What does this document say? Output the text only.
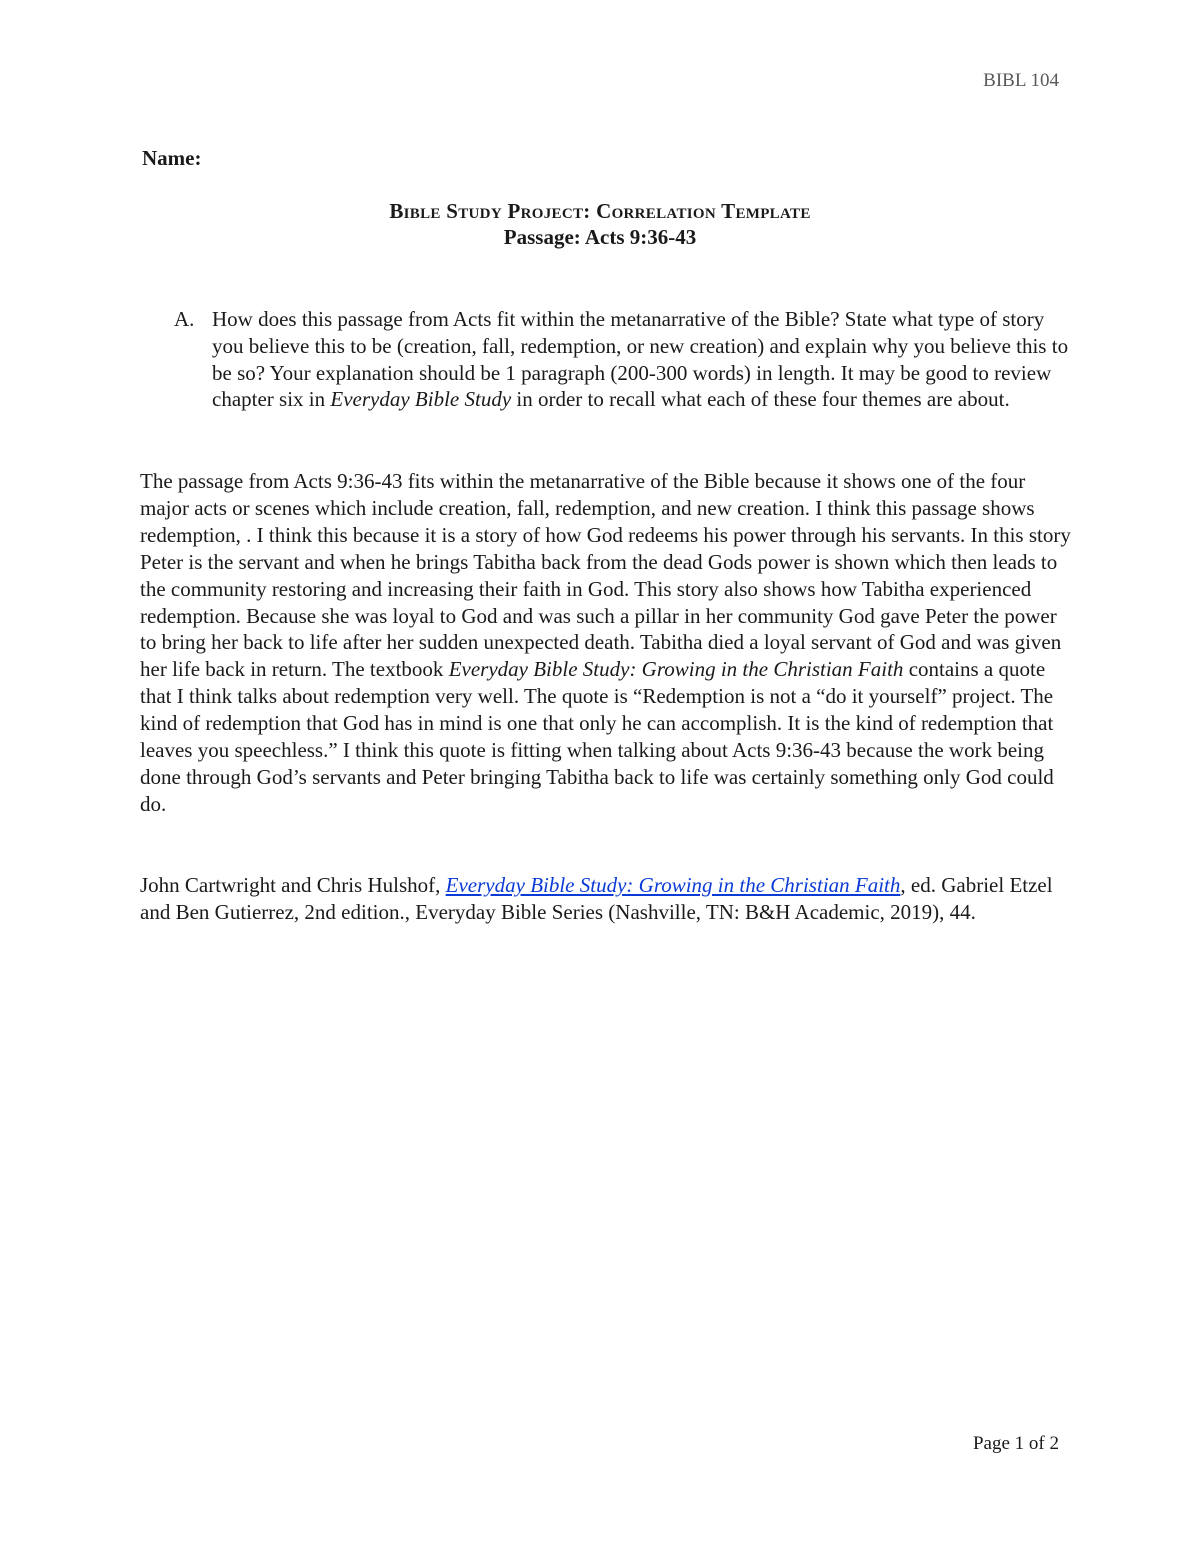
BIBL 104
Name:
Bible Study Project: Correlation Template
Passage: Acts 9:36-43
A. How does this passage from Acts fit within the metanarrative of the Bible? State what type of story you believe this to be (creation, fall, redemption, or new creation) and explain why you believe this to be so? Your explanation should be 1 paragraph (200-300 words) in length. It may be good to review chapter six in Everyday Bible Study in order to recall what each of these four themes are about.
The passage from Acts 9:36-43 fits within the metanarrative of the Bible because it shows one of the four major acts or scenes which include creation, fall, redemption, and new creation. I think this passage shows redemption, . I think this because it is a story of how God redeems his power through his servants. In this story Peter is the servant and when he brings Tabitha back from the dead Gods power is shown which then leads to the community restoring and increasing their faith in God. This story also shows how Tabitha experienced redemption. Because she was loyal to God and was such a pillar in her community God gave Peter the power to bring her back to life after her sudden unexpected death. Tabitha died a loyal servant of God and was given her life back in return. The textbook Everyday Bible Study: Growing in the Christian Faith contains a quote that I think talks about redemption very well. The quote is “Redemption is not a “do it yourself” project. The kind of redemption that God has in mind is one that only he can accomplish. It is the kind of redemption that leaves you speechless.” I think this quote is fitting when talking about Acts 9:36-43 because the work being done through God’s servants and Peter bringing Tabitha back to life was certainly something only God could do.
John Cartwright and Chris Hulshof, Everyday Bible Study: Growing in the Christian Faith, ed. Gabriel Etzel and Ben Gutierrez, 2nd edition., Everyday Bible Series (Nashville, TN: B&H Academic, 2019), 44.
Page 1 of 2
